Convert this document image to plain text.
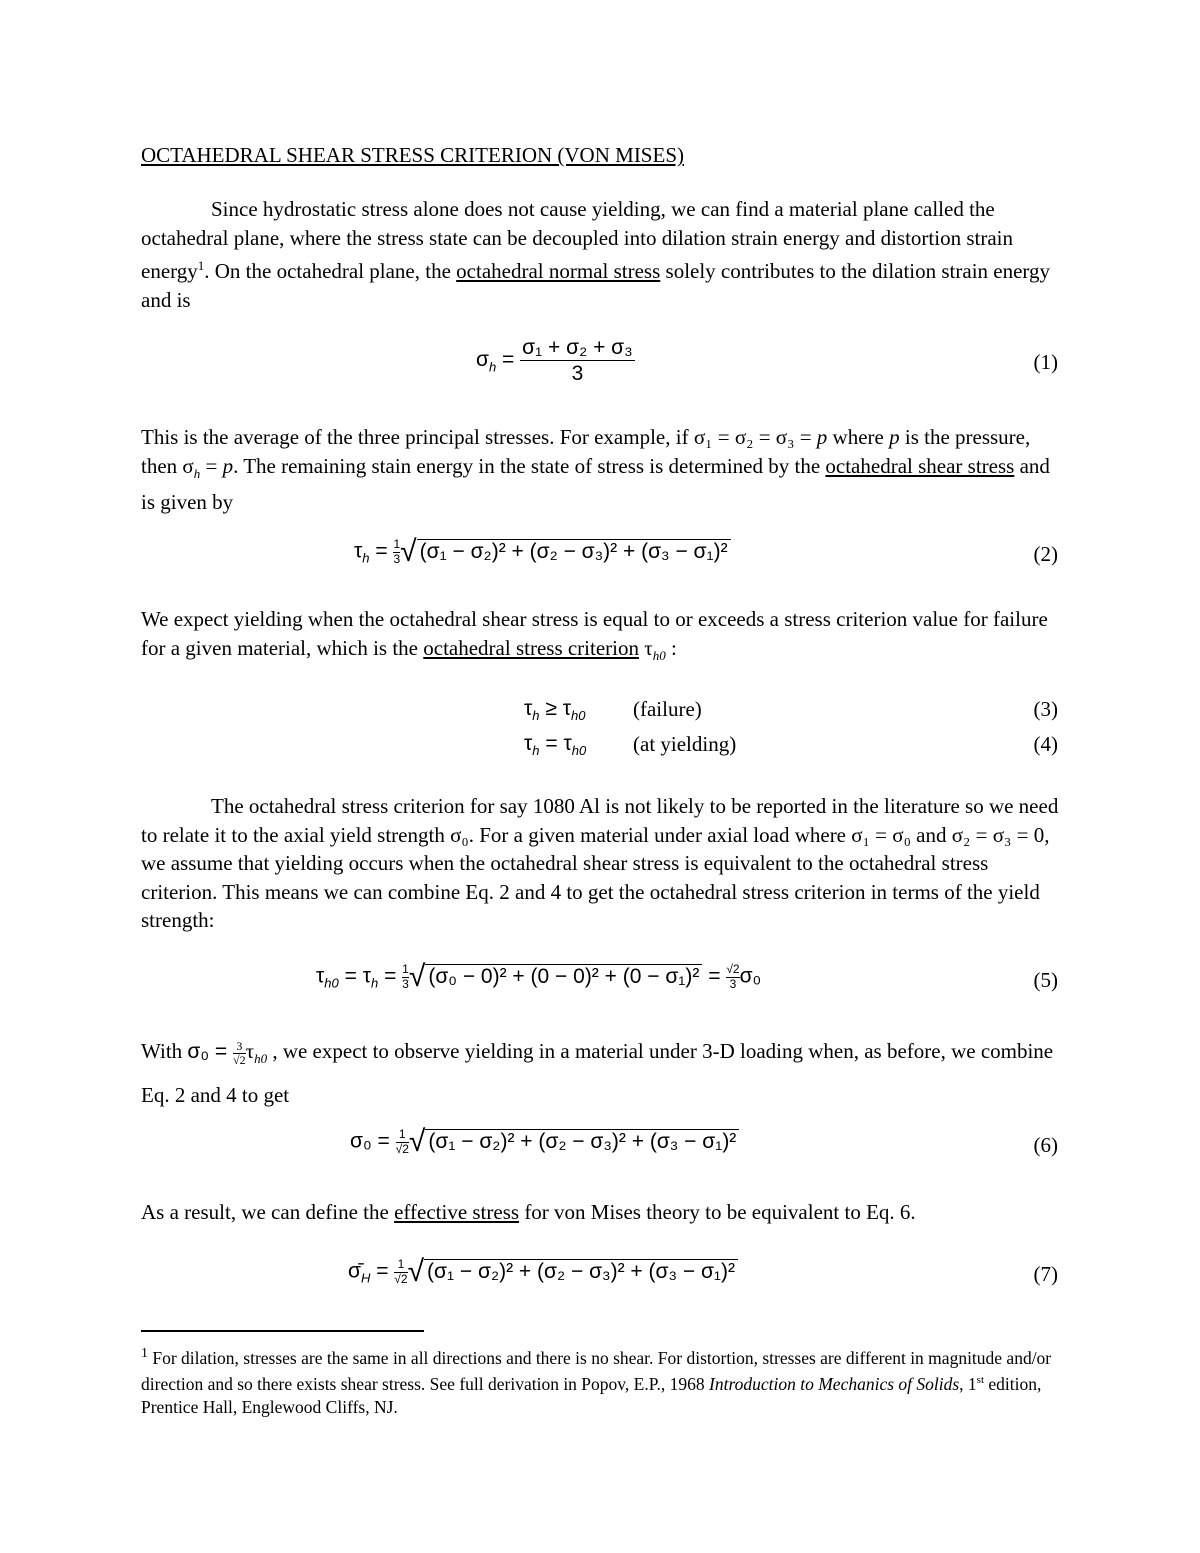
OCTAHEDRAL SHEAR STRESS CRITERION (VON MISES)

Since hydrostatic stress alone does not cause yielding, we can find a material plane called the octahedral plane, where the stress state can be decoupled into dilation strain energy and distortion strain energy$^1$. On the octahedral plane, the octahedral normal stress solely contributes to the dilation strain energy and is

$\sigma_h = \frac{\text{σ₁ + σ₂ + σ₃}}{3}$	(1)

This is the average of the three principal stresses. For example, if σ₁ = σ₂ = σ₃ = p where p is the pressure, then $\sigma_h = p$. The remaining stain energy in the state of stress is determined by the octahedral shear stress and is given by

$\tau_h = \frac{1}{3}$ √ (σ₁ − σ₂)² + (σ₂ − σ₃)² + (σ₃ − σ₁)²	(2)

We expect yielding when the octahedral shear stress is equal to or exceeds a stress criterion value for failure for a given material, which is the octahedral stress criterion $\tau_{h0}$ :

$\tau_h \ge \tau_{h0}$ (failure)	(3)
$\tau_h = \tau_{h0}$ (at yielding)	(4)

The octahedral stress criterion for say 1080 Al is not likely to be reported in the literature so we need to relate it to the axial yield strength σ₀. For a given material under axial load where σ₁ = σ₀ and σ₂ = σ₃ = 0, we assume that yielding occurs when the octahedral shear stress is equivalent to the octahedral stress criterion. This means we can combine Eq. 2 and 4 to get the octahedral stress criterion in terms of the yield strength:

$\tau_{h0} = \tau_h = \frac{1}{3}$ √ $(\sigma_0 - 0)^2 + (0 - 0)^2 + (0 - \sigma_1)^2 = \frac{√2}{3} \sigma_0$	(5)

With $\sigma_0 = \frac{3}{√2} \tau_{h0}$ , we expect to observe yielding in a material under 3-D loading when, as before, we combine Eq. 2 and 4 to get

$\sigma_0 = \frac{1}{√2}$ √ (σ₁ − σ₂)² + (σ₂ − σ₃)² + (σ₃ − σ₁)²	(6)

As a result, we can define the effective stress for von Mises theory to be equivalent to Eq. 6.

$\sigmā_H = \frac{1}{√2}$ √ (σ₁ − σ₂)² + (σ₂ − σ₃)² + (σ₃ − σ₁)²	(7)

$^1$ For dilation, stresses are the same in all directions and there is no shear. For distortion, stresses are different in magnitude and/or direction and so there exists shear stress. See full derivation in Popov, E.P., 1968 Introduction to Mechanics of Solids, 1st edition, Prentice Hall, Englewood Cliffs, NJ.
